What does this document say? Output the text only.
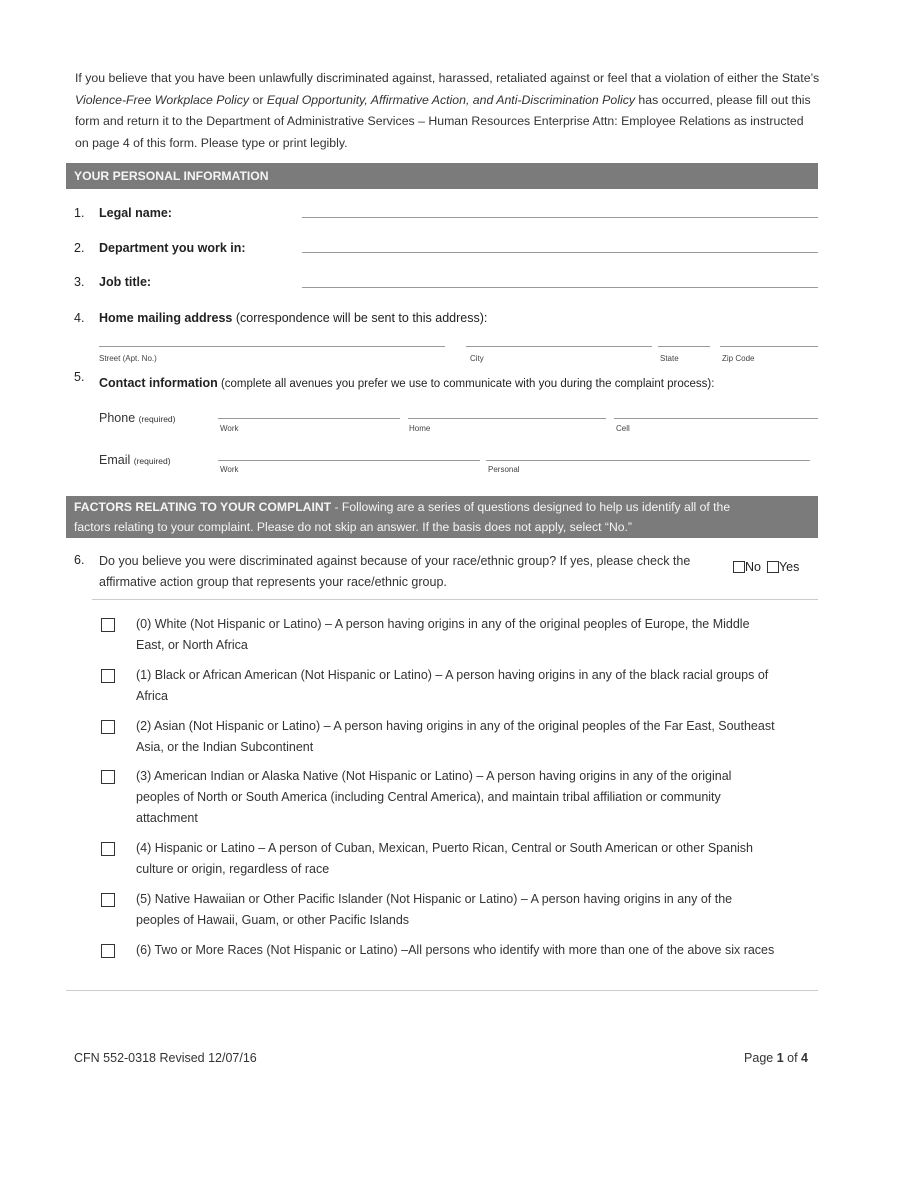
If you believe that you have been unlawfully discriminated against, harassed, retaliated against or feel that a violation of either the State’s Violence-Free Workplace Policy or Equal Opportunity, Affirmative Action, and Anti-Discrimination Policy has occurred, please fill out this form and return it to the Department of Administrative Services – Human Resources Enterprise Attn: Employee Relations as instructed on page 4 of this form. Please type or print legibly.

YOUR PERSONAL INFORMATION
1. Legal name:
2. Department you work in:
3. Job title:
4. Home mailing address (correspondence will be sent to this address):
Street (Apt. No.)	City	State	Zip Code
5. Contact information (complete all avenues you prefer we use to communicate with you during the complaint process):
Phone (required)
Work	Home	Cell
Email (required)
Work	Personal
FACTORS RELATING TO YOUR COMPLAINT - Following are a series of questions designed to help us identify all of the
factors relating to your complaint. Please do not skip an answer. If the basis does not apply, select “No.”
6. Do you believe you were discriminated against because of your race/ethnic group? If yes, please check the affirmative action group that represents your race/ethnic group.

No Yes
(0) White (Not Hispanic or Latino) – A person having origins in any of the original peoples of Europe, the Middle East, or North Africa
(1) Black or African American (Not Hispanic or Latino) – A person having origins in any of the black racial groups of Africa
(2) Asian (Not Hispanic or Latino) – A person having origins in any of the original peoples of the Far East, Southeast Asia, or the Indian Subcontinent
(3) American Indian or Alaska Native (Not Hispanic or Latino) – A person having origins in any of the original peoples of North or South America (including Central America), and maintain tribal affiliation or community attachment
(4) Hispanic or Latino – A person of Cuban, Mexican, Puerto Rican, Central or South American or other Spanish culture or origin, regardless of race
(5) Native Hawaiian or Other Pacific Islander (Not Hispanic or Latino) – A person having origins in any of the peoples of Hawaii, Guam, or other Pacific Islands
(6) Two or More Races (Not Hispanic or Latino) –All persons who identify with more than one of the above six races
CFN 552-0318 Revised 12/07/16	Page 1 of 4
